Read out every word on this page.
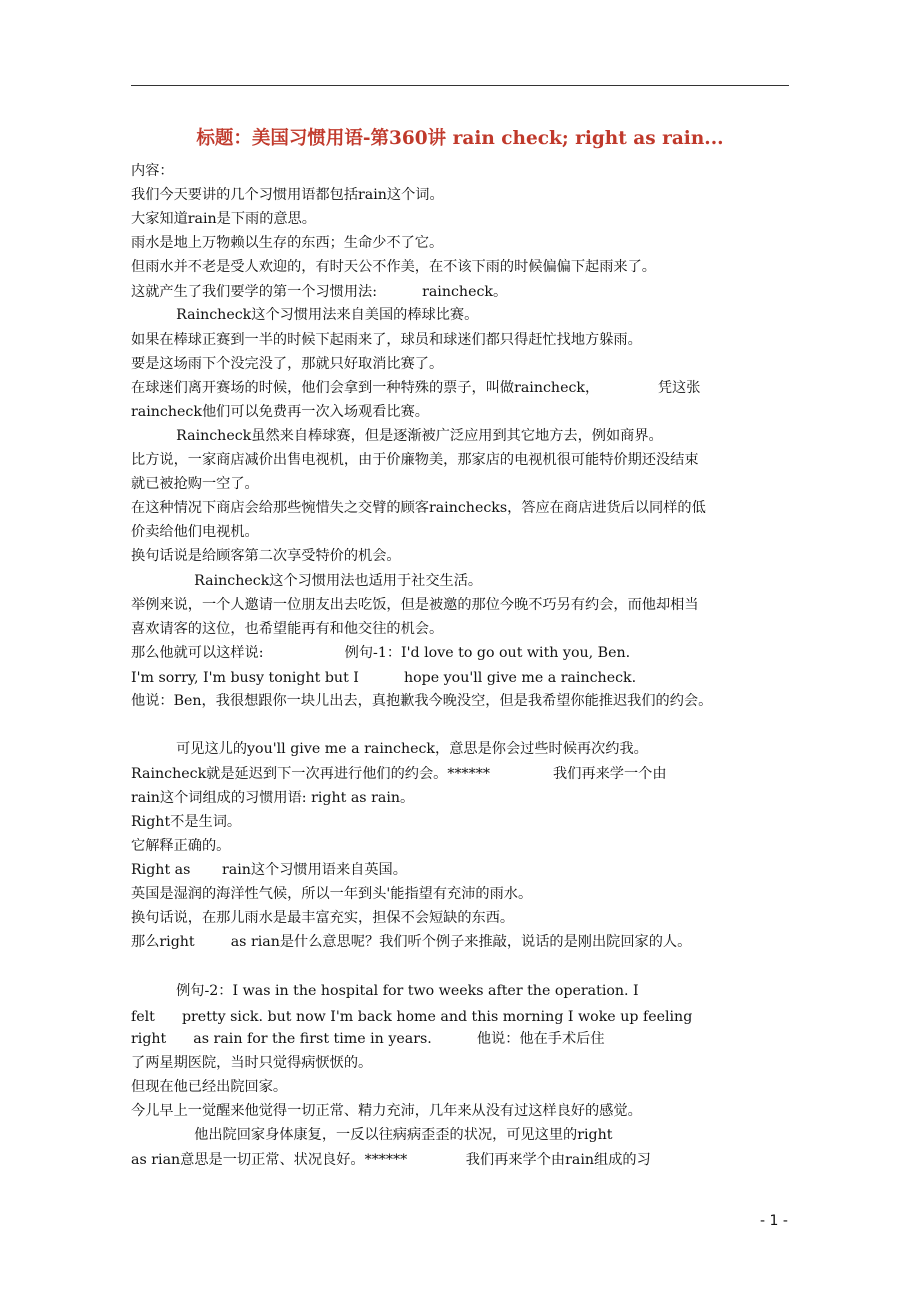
标题：美国习惯用语-第360讲 rain check; right as rain...
内容：
我们今天要讲的几个习惯用语都包括rain这个词。
大家知道rain是下雨的意思。
雨水是地上万物赖以生存的东西；生命少不了它。
但雨水并不老是受人欢迎的，有时天公不作美，在不该下雨的时候偏偏下起雨来了。
这就产生了我们要学的第一个习惯用法:          raincheck。
Raincheck这个习惯用法来自美国的棒球比赛。
如果在棒球正赛到一半的时候下起雨来了，球员和球迷们都只得赶忙找地方躲雨。
要是这场雨下个没完没了，那就只好取消比赛了。
在球迷们离开赛场的时候，他们会拿到一种特殊的票子，叫做raincheck，             凭这张
raincheck他们可以免费再一次入场观看比赛。
Raincheck虽然来自棒球赛，但是逐渐被广泛应用到其它地方去，例如商界。
比方说，一家商店减价出售电视机，由于价廉物美，那家店的电视机很可能特价期还没结束
就已被抢购一空了。
在这种情况下商店会给那些惋惜失之交臂的顾客rainchecks，答应在商店进货后以同样的低
价卖给他们电视机。
换句话说是给顾客第二次享受特价的机会。
Raincheck这个习惯用法也适用于社交生活。
举例来说，一个人邀请一位朋友出去吃饭，但是被邀的那位今晚不巧另有约会，而他却相当
喜欢请客的这位，也希望能再有和他交往的机会。
那么他就可以这样说:                  例句-1：I'd love to go out with you, Ben.
I'm sorry, I'm busy tonight but I          hope you'll give me a raincheck.
他说：Ben，我很想跟你一块儿出去，真抱歉我今晚没空，但是我希望你能推迟我们的约会。
可见这儿的you'll give me a raincheck，意思是你会过些时候再次约我。
Raincheck就是延迟到下一次再进行他们的约会。******              我们再来学一个由
rain这个词组成的习惯用语: right as rain。
Right不是生词。
它解释正确的。
Right as       rain这个习惯用语来自英国。
英国是湿润的海洋性气候，所以一年到头'能指望有充沛的雨水。
换句话说，在那儿雨水是最丰富充实，担保不会短缺的东西。
那么right        as rian是什么意思呢？我们听个例子来推敲，说话的是刚出院回家的人。
例句-2：I was in the hospital for two weeks after the operation. I
felt      pretty sick. but now I'm back home and this morning I woke up feeling
right      as rain for the first time in years.          他说：他在手术后住
了两星期医院，当时只觉得病恹恹的。
但现在他已经出院回家。
今儿早上一觉醒来他觉得一切正常、精力充沛，几年来从没有过这样良好的感觉。
他出院回家身体康复，一反以往病病歪歪的状况，可见这里的right
as rian意思是一切正常、状况良好。******             我们再来学个由rain组成的习
- 1 -
